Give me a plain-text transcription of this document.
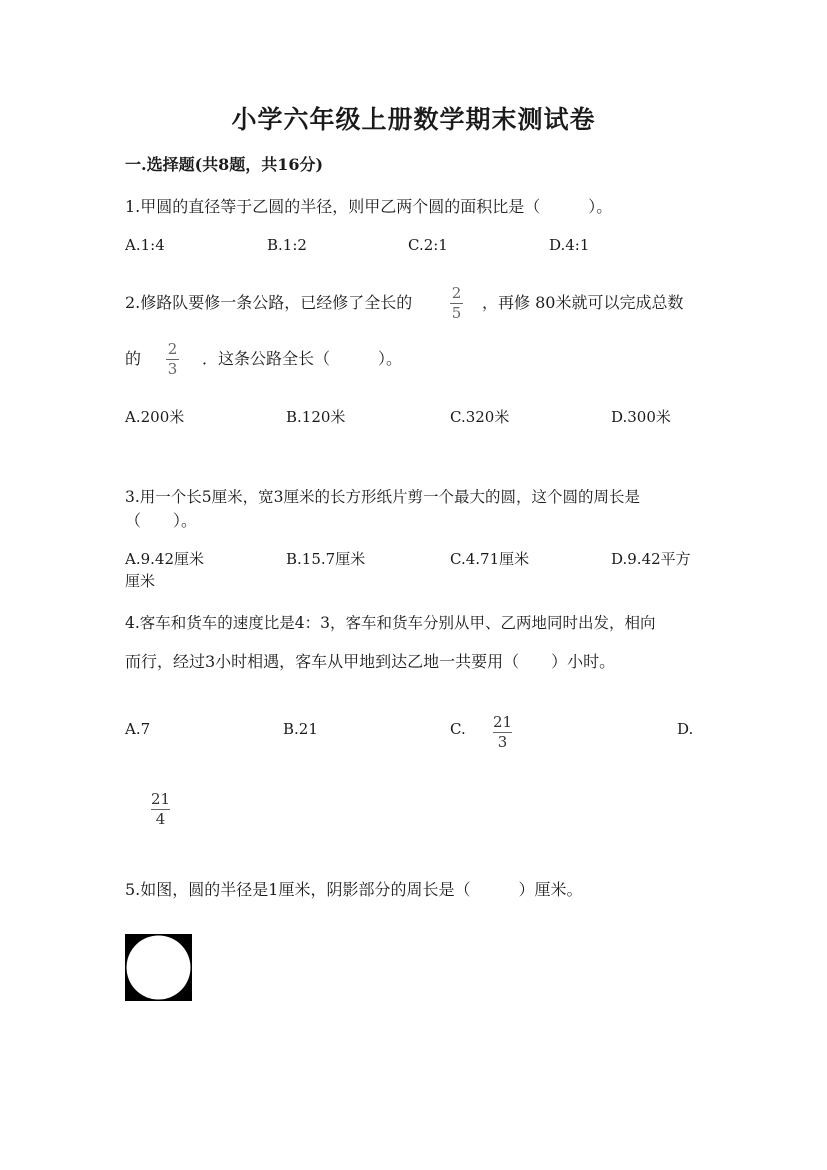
小学六年级上册数学期末测试卷
一.选择题(共8题，共16分)
1.甲圆的直径等于乙圆的半径，则甲乙两个圆的面积比是（　　　）。
A.1:4	B.1:2	C.2:1	D.4:1
2.修路队要修一条公路，已经修了全长的	2
5
，再修 80米就可以完成总数
的 2
3
．这条公路全长（　　　）。
A.200米	B.120米	C.320米	D.300米
3.用一个长5厘米，宽3厘米的长方形纸片剪一个最大的圆，这个圆的周长是
（　　）。
A.9.42厘米	B.15.7厘米	C.4.71厘米	D.9.42平方
厘米
4.客车和货车的速度比是4：3，客车和货车分别从甲、乙两地同时出发，相向
而行，经过3小时相遇，客车从甲地到达乙地一共要用（　　）小时。
A.7	B.21	C. 21
3
D.
21
4
5.如图，圆的半径是1厘米，阴影部分的周长是（　　　）厘米。
